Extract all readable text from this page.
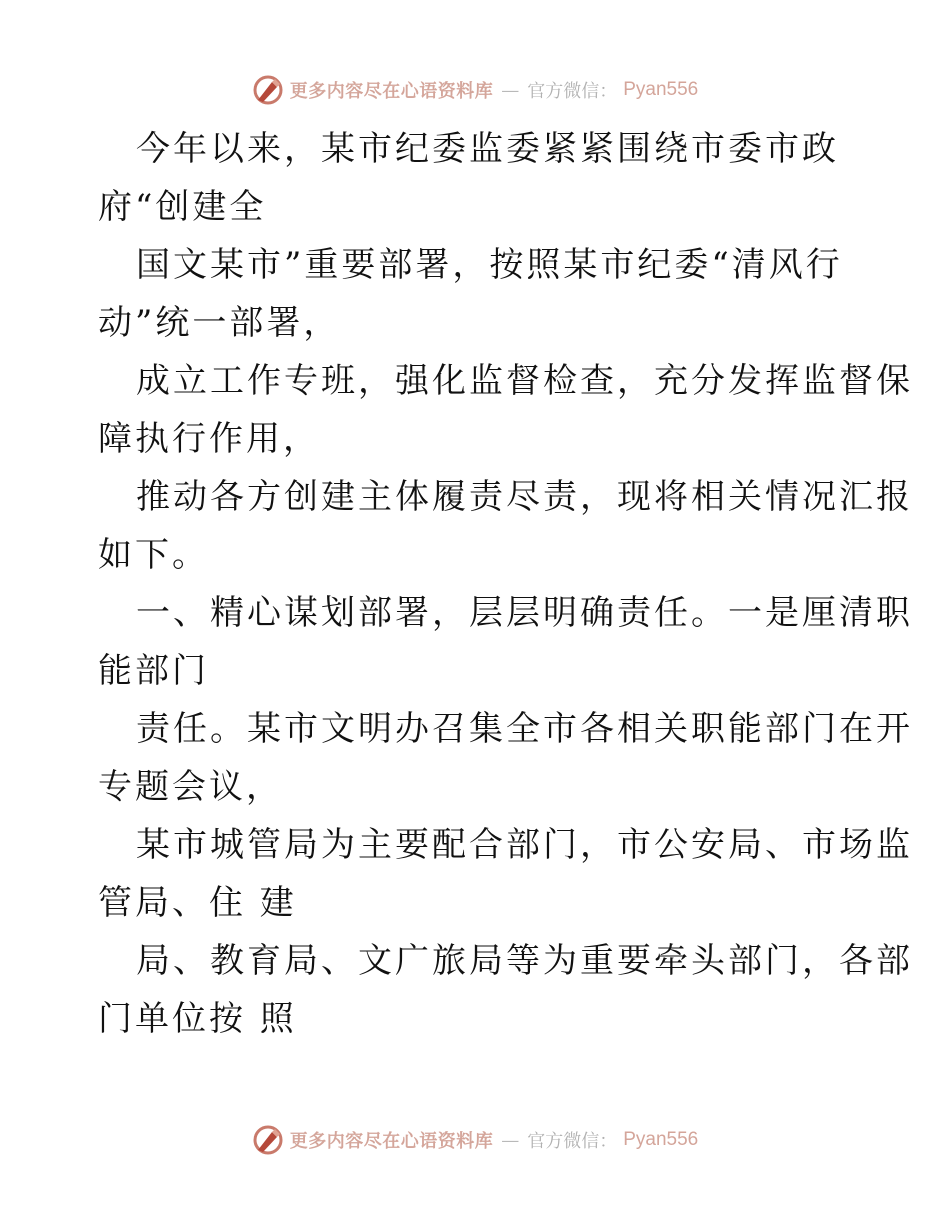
更多内容尽在心语资料库 — 官方微信： Pyan556
今年以来，某市纪委监委紧紧围绕市委市政
府“创建全
国文某市”重要部署，按照某市纪委“清风行
动”统一部署，
成立工作专班，强化监督检查，充分发挥监督保
障执行作用，
推动各方创建主体履责尽责，现将相关情况汇报
如下。
一、精心谋划部署，层层明确责任。一是厘清职
能部门
责任。某市文明办召集全市各相关职能部门在开
专题会议，
某市城管局为主要配合部门，市公安局、市场监
管局、住 建
局、教育局、文广旅局等为重要牵头部门，各部
门单位按 照
更多内容尽在心语资料库 — 官方微信： Pyan556
